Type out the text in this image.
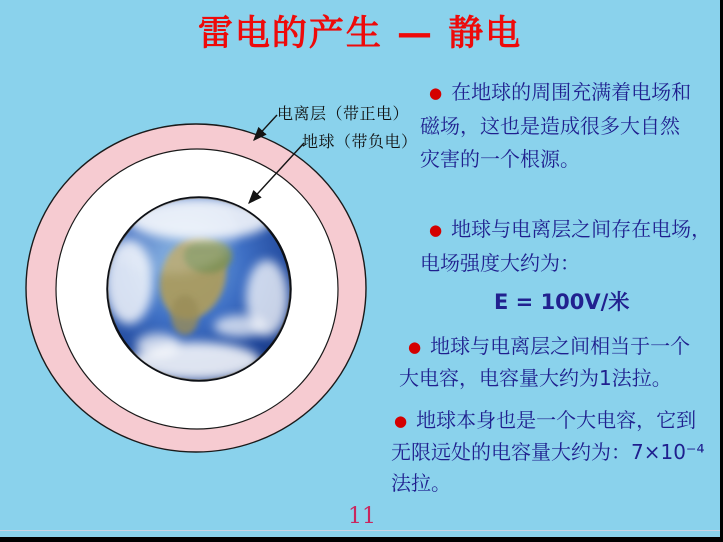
雷电的产生 — 静电
电离层（带正电）
地球（带负电）
● 在地球的周围充满着电场和
磁场，这也是造成很多大自然
灾害的一个根源。
● 地球与电离层之间存在电场，
电场强度大约为：
E = 100V/米
● 地球与电离层之间相当于一个
大电容，电容量大约为1法拉。
● 地球本身也是一个大电容，它到
无限远处的电容量大约为：7×10⁻⁴
法拉。
11
